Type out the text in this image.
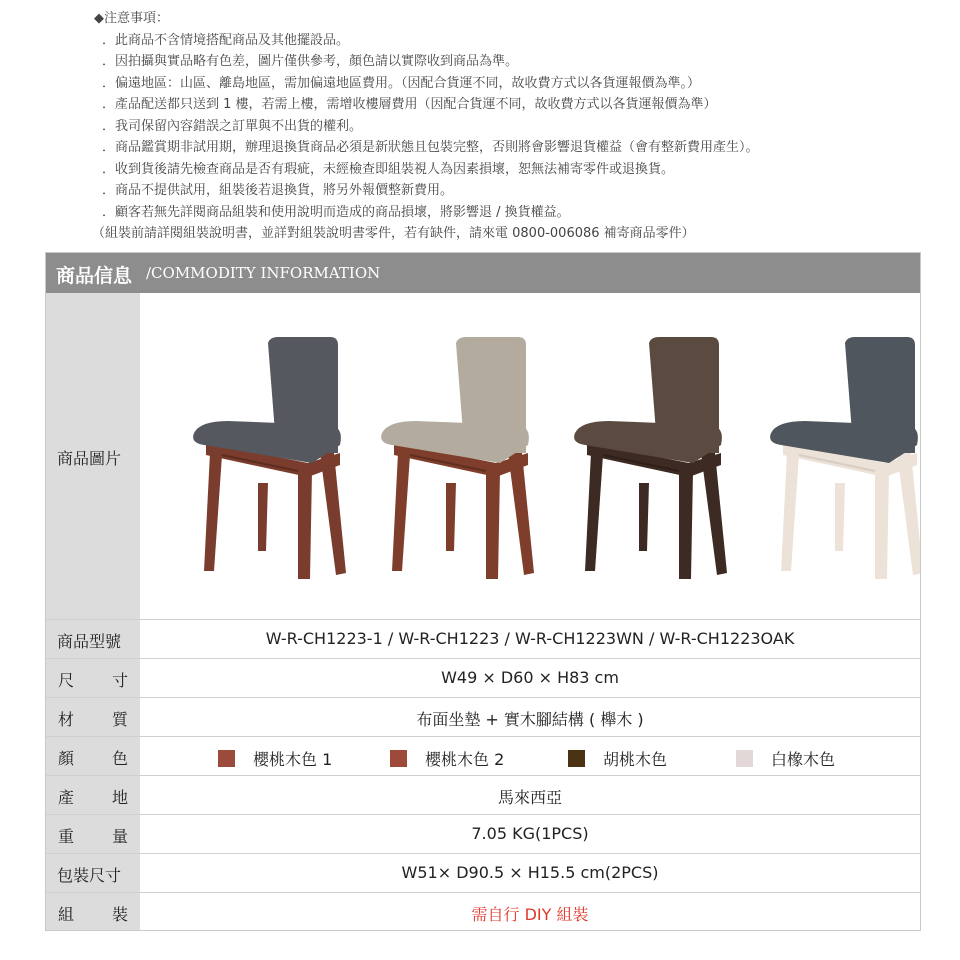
◆注意事項：
．此商品不含情境搭配商品及其他擺設品。
．因拍攝與實品略有色差，圖片僅供參考，顏色請以實際收到商品為準。
．偏遠地區：山區、離島地區，需加偏遠地區費用。（因配合貨運不同，故收費方式以各貨運報價為準。）
．產品配送都只送到 1 樓，若需上樓，需增收樓層費用（因配合貨運不同，故收費方式以各貨運報價為準）
．我司保留內容錯誤之訂單與不出貨的權利。
．商品鑑賞期非試用期，辦理退換貨商品必須是新狀態且包裝完整，否則將會影響退貨權益（會有整新費用產生）。
．收到貨後請先檢查商品是否有瑕疵，未經檢查即組裝視人為因素損壞，恕無法補寄零件或退換貨。
．商品不提供試用，組裝後若退換貨，將另外報價整新費用。
．顧客若無先詳閱商品組裝和使用說明而造成的商品損壞，將影響退 / 換貨權益。
（組裝前請詳閱組裝說明書，並詳對組裝說明書零件，若有缺件，請來電 0800-006086 補寄商品零件）
商品信息 /COMMODITY INFORMATION
商品圖片
商品型號	W-R-CH1223-1 / W-R-CH1223 / W-R-CH1223WN / W-R-CH1223OAK
尺 寸	W49 × D60 × H83 cm
材 質	布面坐墊 + 實木腳結構 ( 櫸木 )
顏 色	櫻桃木色 1	櫻桃木色 2	胡桃木色	白橡木色
產 地	馬來西亞
重 量	7.05 KG(1PCS)
包裝尺寸	W51× D90.5 × H15.5 cm(2PCS)
組 裝	需自行 DIY 組裝
